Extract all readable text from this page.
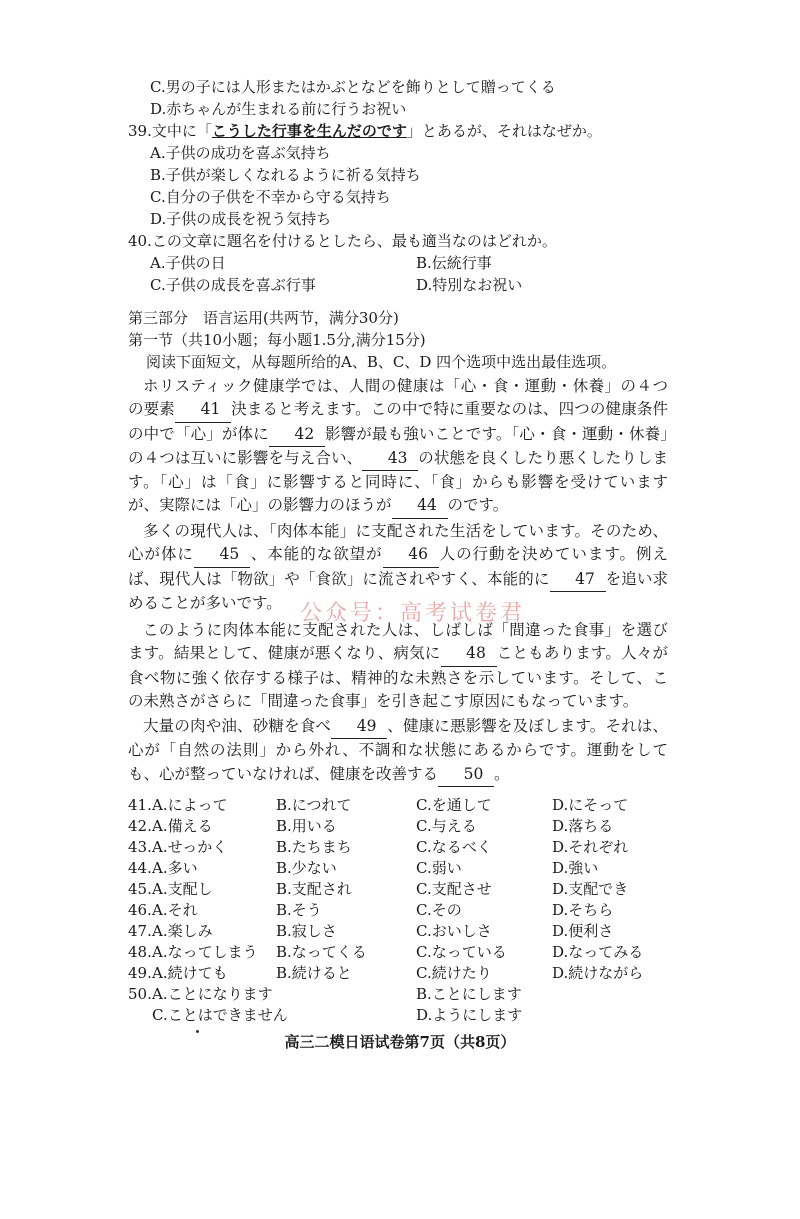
C.男の子には人形またはかぶとなどを飾りとして贈ってくる
D.赤ちゃんが生まれる前に行うお祝い
39.文中に「こうした行事を生んだのです」とあるが、それはなぜか。
A.子供の成功を喜ぶ気持ち
B.子供が楽しくなれるように祈る気持ち
C.自分の子供を不幸から守る気持ち
D.子供の成長を祝う気持ち
40.この文章に題名を付けるとしたら、最も適当なのはどれか。
A.子供の日	B.伝統行事
C.子供の成長を喜ぶ行事	D.特別なお祝い
第三部分　语言运用(共两节，满分30分)
第一节（共10小题；每小题1.5分,满分15分)
阅读下面短文，从每题所给的A、B、C、D 四个选项中选出最佳选项。
ホリスティック健康学では、人間の健康は「心・食・運動・休養」の４つの要素 41 決まると考えます。この中で特に重要なのは、四つの健康条件の中で「心」が体に 42 影響が最も強いことです。「心・食・運動・休養」の４つは互いに影響を与え合い、 43 の状態を良くしたり悪くしたりします。「心」は「食」に影響すると同時に、「食」からも影響を受けていますが、実際には「心」の影響力のほうが 44 のです。
多くの現代人は、「肉体本能」に支配された生活をしています。そのため、心が体に 45 、本能的な欲望が 46 人の行動を決めています。例えば、現代人は「物欲」や「食欲」に流されやすく、本能的に 47 を追い求めることが多いです。 公众号：高考试卷君
このように肉体本能に支配された人は、しばしば「間違った食事」を選びます。結果として、健康が悪くなり、病気に 48 こともあります。人々が食べ物に強く依存する様子は、精神的な未熟さを示しています。そして、この未熟さがさらに「間違った食事」を引き起こす原因にもなっています。
大量の肉や油、砂糖を食べ 49 、健康に悪影響を及ぼします。それは、心が「自然の法則」から外れ、不調和な状態にあるからです。運動をしても、心が整っていなければ、健康を改善する 50 。
41. A.によって	B.につれて	C.を通して	D.にそって
42. A.備える	B.用いる	C.与える	D.落ちる
43. A.せっかく	B.たちまち	C.なるべく	D.それぞれ
44. A.多い	B.少ない	C.弱い	D.強い
45. A.支配し	B.支配され	C.支配させ	D.支配でき
46. A.それ	B.そう	C.その	D.そちら
47. A.楽しみ	B.寂しさ	C.おいしさ	D.便利さ
48. A.なってしまう B.なってくる	C.なっている	D.なってみる
49. A.続けても	B.続けると	C.続けたり	D.続けながら
50. A.ことになります	B.ことにします
C.ことはできません	D.ようにします
高三二模日语试卷第7页（共8页）
